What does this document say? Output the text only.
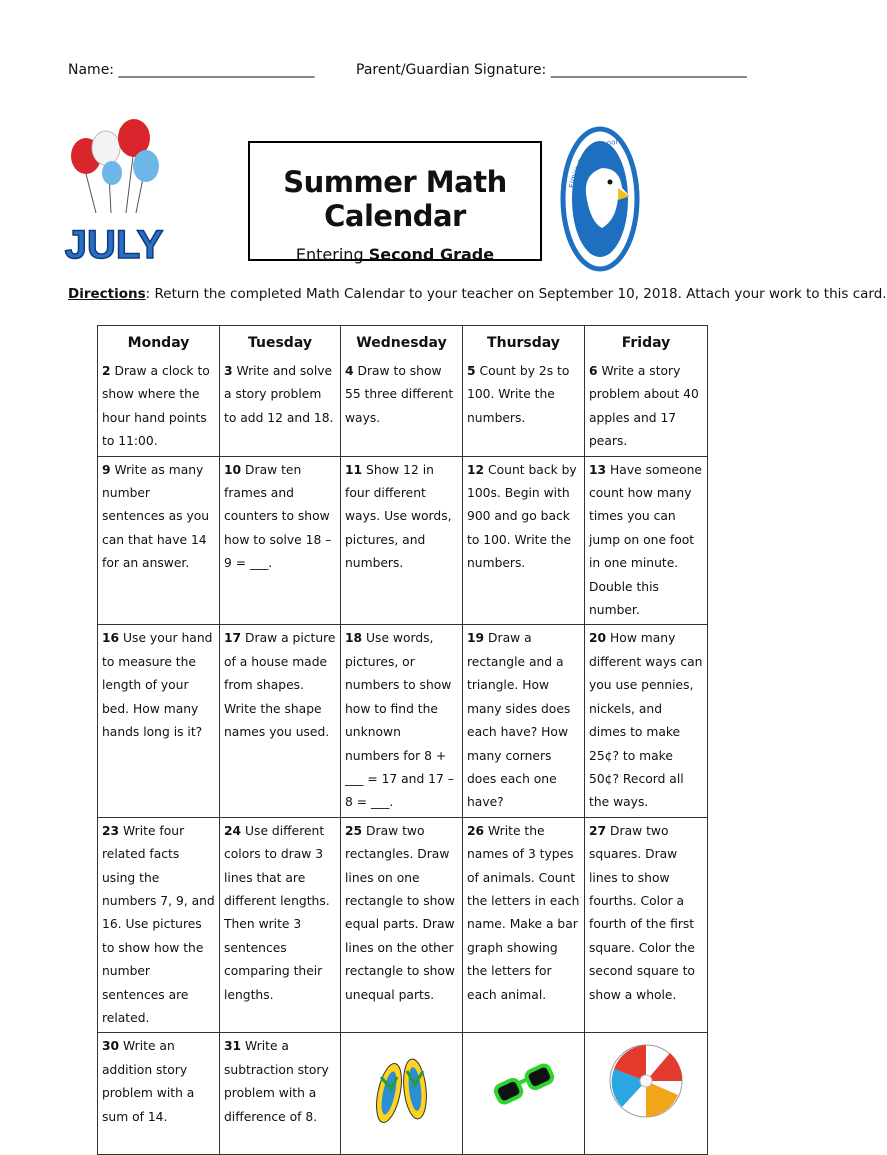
Name: ____________________________	Parent/Guardian Signature: ____________________________
JULY
Summer Math Calendar
Entering Second Grade
Elmira Road School
Directions: Return the completed Math Calendar to your teacher on September 10, 2018. Attach your work to this card.
Monday	Tuesday	Wednesday	Thursday	Friday
2 Draw a clock to show where the hour hand points to 11:00.	3 Write and solve a story problem to add 12 and 18.	4 Draw to show 55 three different ways.	5 Count by 2s to 100. Write the numbers.	6 Write a story problem about 40 apples and 17 pears.
9 Write as many number sentences as you can that have 14 for an answer.	10 Draw ten frames and counters to show how to solve 18 – 9 = ___.	11 Show 12 in four different ways. Use words, pictures, and numbers.	12 Count back by 100s. Begin with 900 and go back to 100. Write the numbers.	13 Have someone count how many times you can jump on one foot in one minute. Double this number.
16 Use your hand to measure the length of your bed. How many hands long is it?	17 Draw a picture of a house made from shapes. Write the shape names you used.	18 Use words, pictures, or numbers to show how to find the unknown numbers for 8 + ___ = 17 and 17 – 8 = ___.	19 Draw a rectangle and a triangle. How many sides does each have? How many corners does each one have?	20 How many different ways can you use pennies, nickels, and dimes to make 25¢? to make 50¢? Record all the ways.
23 Write four related facts using the numbers 7, 9, and 16. Use pictures to show how the number sentences are related.	24 Use different colors to draw 3 lines that are different lengths. Then write 3 sentences comparing their lengths.	25 Draw two rectangles. Draw lines on one rectangle to show equal parts. Draw lines on the other rectangle to show unequal parts.	26 Write the names of 3 types of animals. Count the letters in each name. Make a bar graph showing the letters for each animal.	27 Draw two squares. Draw lines to show fourths. Color a fourth of the first square. Color the second square to show a whole.
30 Write an addition story problem with a sum of 14.	31 Write a subtraction story problem with a difference of 8.	
